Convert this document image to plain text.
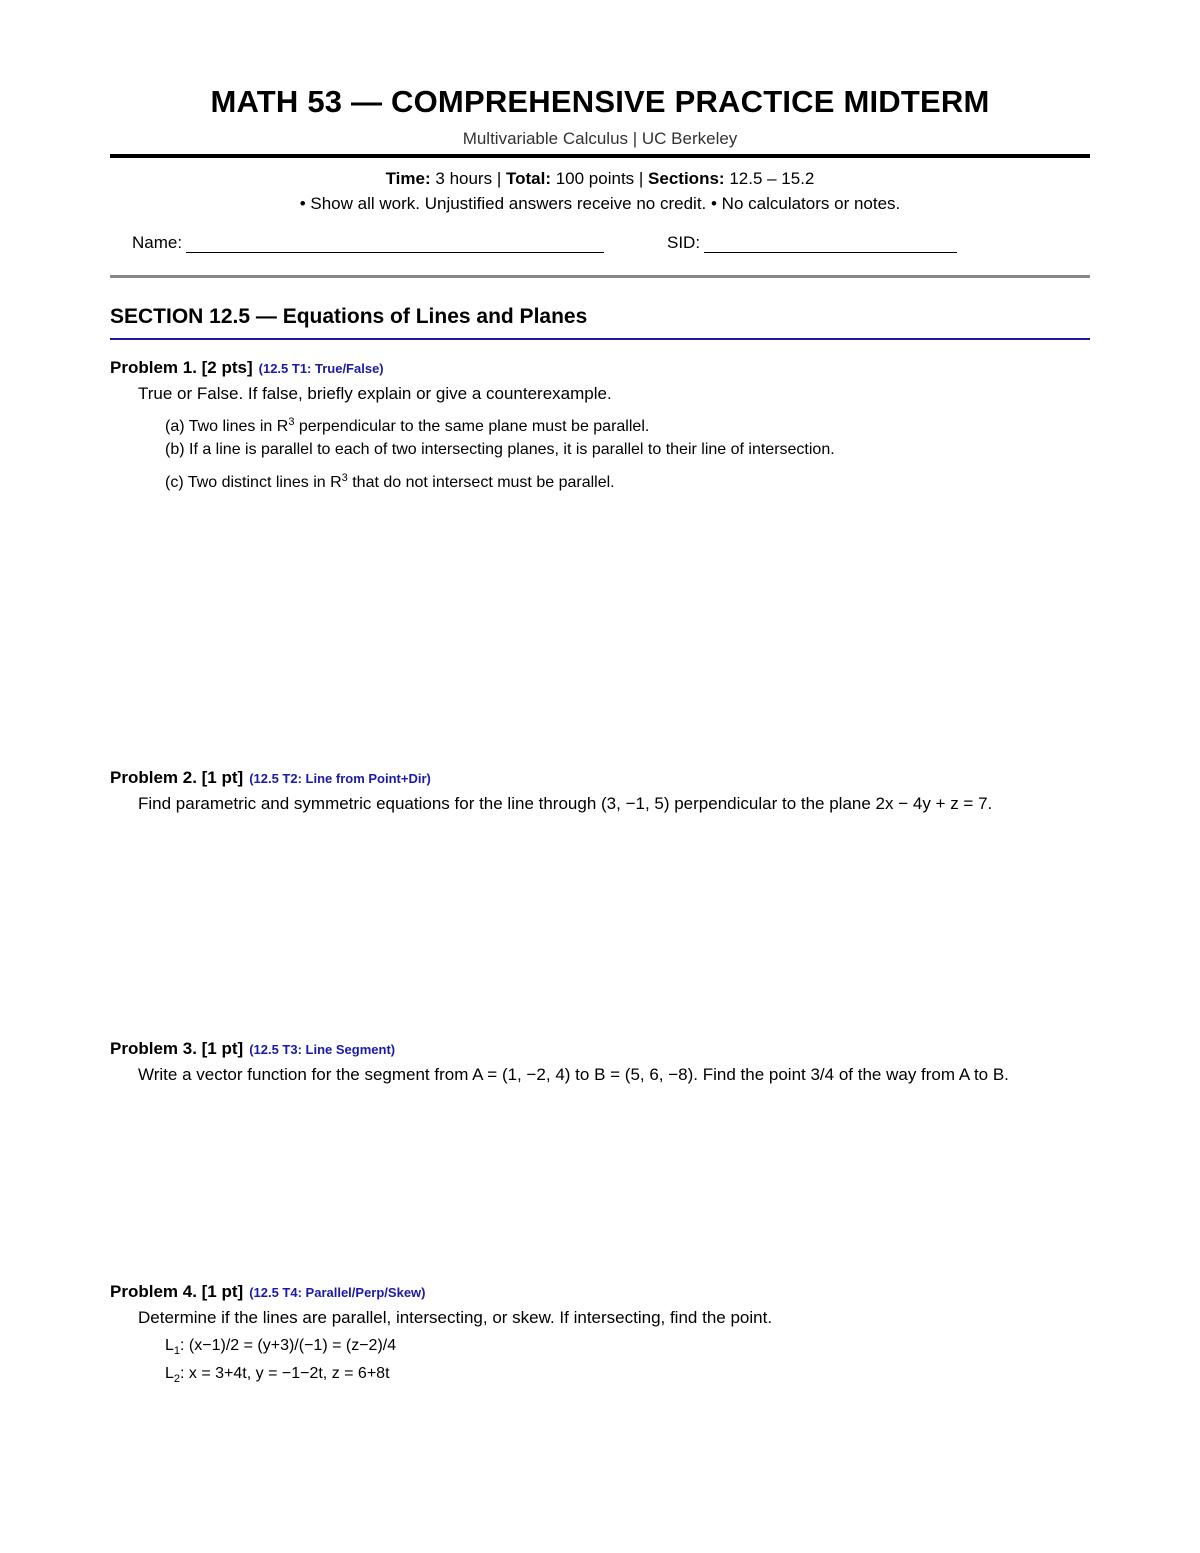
MATH 53 — COMPREHENSIVE PRACTICE MIDTERM
Multivariable Calculus | UC Berkeley
Time: 3 hours | Total: 100 points | Sections: 12.5 – 15.2
• Show all work. Unjustified answers receive no credit. • No calculators or notes.
Name:	SID:
SECTION 12.5 — Equations of Lines and Planes
Problem 1. [2 pts] (12.5 T1: True/False)
True or False. If false, briefly explain or give a counterexample.
(a) Two lines in $R^3$ perpendicular to the same plane must be parallel.
(b) If a line is parallel to each of two intersecting planes, it is parallel to their line of intersection.
(c) Two distinct lines in $R^3$ that do not intersect must be parallel.
Problem 2. [1 pt] (12.5 T2: Line from Point+Dir)
Find parametric and symmetric equations for the line through (3, −1, 5) perpendicular to the plane 2x − 4y + z = 7.
Problem 3. [1 pt] (12.5 T3: Line Segment)
Write a vector function for the segment from A = (1, −2, 4) to B = (5, 6, −8). Find the point 3/4 of the way from A to B.
Problem 4. [1 pt] (12.5 T4: Parallel/Perp/Skew)
Determine if the lines are parallel, intersecting, or skew. If intersecting, find the point.
$L_1$: (x−1)/2 = (y+3)/(−1) = (z−2)/4
$L_2$: x = 3+4t, y = −1−2t, z = 6+8t
